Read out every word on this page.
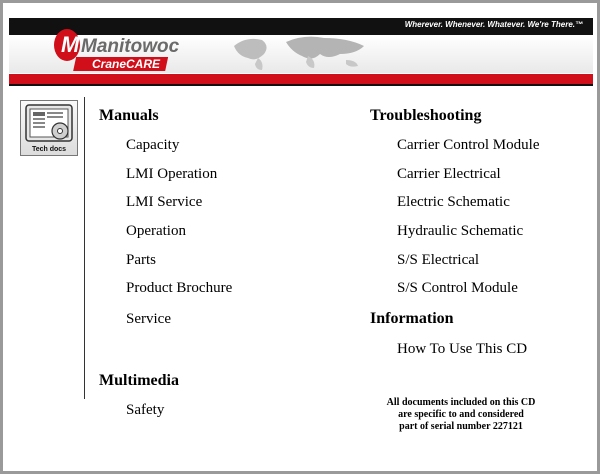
Wherever. Whenever. Whatever. We're There.™
M Manitowoc
CraneCARE
Tech docs
Manuals
Capacity
LMI Operation
LMI Service
Operation
Parts
Product Brochure
Service
Multimedia
Safety
Troubleshooting
Carrier Control Module
Carrier Electrical
Electric Schematic
Hydraulic Schematic
S/S Electrical
S/S Control Module
Information
How To Use This CD
All documents included on this CD
are specific to and considered
part of serial number 227121
